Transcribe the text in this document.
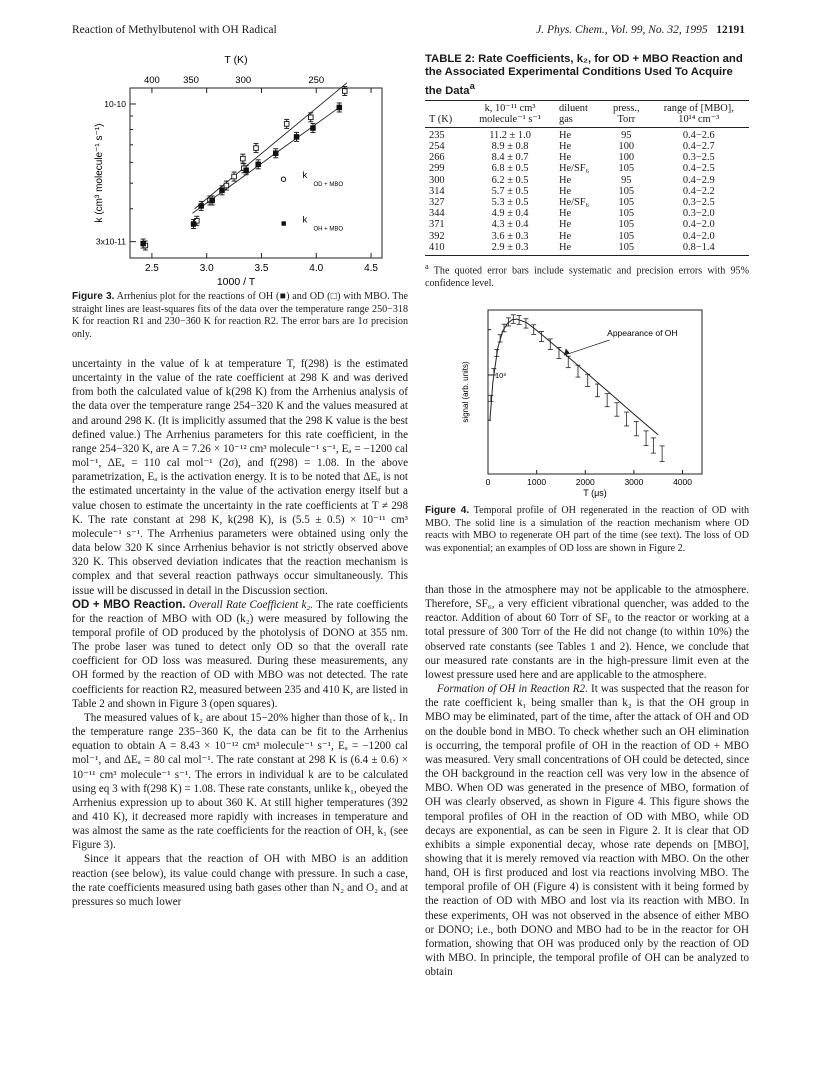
Reaction of Methylbutenol with OH Radical	J. Phys. Chem., Vol. 99, No. 32, 1995 12191
T (K)
1000 / T
k (cm³ molecule⁻¹ s⁻¹)
2.5	3.0	3.5	4.0	4.5
400 350	300	250
10-10
3x10-11
k
OD + MBO
k
OH + MBO
Figure 3. Arrhenius plot for the reactions of OH (■) and OD (□) with MBO. The straight lines are least-squares fits of the data over the temperature range 250−318 K for reaction R1 and 230−360 K for reaction R2. The error bars are 1σ precision only.

uncertainty in the value of k at temperature T, f(298) is the estimated uncertainty in the value of the rate coefficient at 298 K and was derived from both the calculated value of k(298 K) from the Arrhenius analysis of the data over the temperature range 254−320 K and the values measured at and around 298 K. (It is implicitly assumed that the 298 K value is the best defined value.) The Arrhenius parameters for this rate coefficient, in the range 254−320 K, are A = 7.26 × 10⁻¹² cm³ molecule⁻¹ s⁻¹, Eₐ = −1200 cal mol⁻¹, ΔEₐ = 110 cal mol⁻¹ (2σ), and f(298) = 1.08. In the above parametrization, Eₐ is the activation energy. It is to be noted that ΔEₐ is not the estimated uncertainty in the value of the activation energy itself but a value chosen to estimate the uncertainty in the rate coefficients at T ≠ 298 K. The rate constant at 298 K, k(298 K), is (5.5 ± 0.5) × 10⁻¹¹ cm³ molecule⁻¹ s⁻¹. The Arrhenius parameters were obtained using only the data below 320 K since Arrhenius behavior is not strictly observed above 320 K. This observed deviation indicates that the reaction mechanism is complex and that several reaction pathways occur simultaneously. This issue will be discussed in detail in the Discussion section.

OD + MBO Reaction. Overall Rate Coefficient k₂. The rate coefficients for the reaction of MBO with OD (k₂) were measured by following the temporal profile of OD produced by the photolysis of DONO at 355 nm. The probe laser was tuned to detect only OD so that the overall rate coefficient for OD loss was measured. During these measurements, any OH formed by the reaction of OD with MBO was not detected. The rate coefficients for reaction R2, measured between 235 and 410 K, are listed in Table 2 and shown in Figure 3 (open squares).

The measured values of k₂ are about 15−20% higher than those of k₁. In the temperature range 235−360 K, the data can be fit to the Arrhenius equation to obtain A = 8.43 × 10⁻¹² cm³ molecule⁻¹ s⁻¹, Eₐ = −1200 cal mol⁻¹, and ΔEₐ = 80 cal mol⁻¹. The rate constant at 298 K is (6.4 ± 0.6) × 10⁻¹¹ cm³ molecule⁻¹ s⁻¹. The errors in individual k are to be calculated using eq 3 with f(298 K) = 1.08. These rate constants, unlike k₁, obeyed the Arrhenius expression up to about 360 K. At still higher temperatures (392 and 410 K), it decreased more rapidly with increases in temperature and was almost the same as the rate coefficients for the reaction of OH, k₁ (see Figure 3).

Since it appears that the reaction of OH with MBO is an addition reaction (see below), its value could change with pressure. In such a case, the rate coefficients measured using bath gases other than N₂ and O₂ and at pressures so much lower

TABLE 2: Rate Coefficients, k₂, for OD + MBO Reaction and the Associated Experimental Conditions Used To Acquire the Data$^a$
	k, 10⁻¹¹ cm³	diluent	press.,	range of [MBO],
T (K)	molecule⁻¹ s⁻¹	gas	Torr	10¹⁴ cm⁻³
235	11.2 ± 1.0	He	95	0.4−2.6
254	8.9 ± 0.8	He	100	0.4−2.7
266	8.4 ± 0.7	He	100	0.3−2.5
299	6.8 ± 0.5	He/SF₆	105	0.4−2.5
300	6.2 ± 0.5	He	95	0.4−2.9
314	5.7 ± 0.5	He	105	0.4−2.2
327	5.3 ± 0.5	He/SF₆	105	0.3−2.5
344	4.9 ± 0.4	He	105	0.3−2.0
371	4.3 ± 0.4	He	105	0.4−2.0
392	3.6 ± 0.3	He	105	0.4−2.0
410	2.9 ± 0.3	He	105	0.8−1.4
$^a$ The quoted error bars include systematic and precision errors with 95% confidence level.
T (μs)
signal (arb. units)
Appearance of OH
0	1000	2000	3000	4000
10³
Figure 4. Temporal profile of OH regenerated in the reaction of OD with MBO. The solid line is a simulation of the reaction mechanism where OD reacts with MBO to regenerate OH part of the time (see text). The loss of OD was exponential; an examples of OD loss are shown in Figure 2.

than those in the atmosphere may not be applicable to the atmosphere. Therefore, SF₆, a very efficient vibrational quencher, was added to the reactor. Addition of about 60 Torr of SF₆ to the reactor or working at a total pressure of 300 Torr of the He did not change (to within 10%) the observed rate constants (see Tables 1 and 2). Hence, we conclude that our measured rate constants are in the high-pressure limit even at the lowest pressure used here and are applicable to the atmosphere.

Formation of OH in Reaction R2. It was suspected that the reason for the rate coefficient k₁ being smaller than k₂ is that the OH group in MBO may be eliminated, part of the time, after the attack of OH and OD on the double bond in MBO. To check whether such an OH elimination is occurring, the temporal profile of OH in the reaction of OD + MBO was measured. Very small concentrations of OH could be detected, since the OH background in the reaction cell was very low in the absence of MBO. When OD was generated in the presence of MBO, formation of OH was clearly observed, as shown in Figure 4. This figure shows the temporal profiles of OH in the reaction of OD with MBO, while OD decays are exponential, as can be seen in Figure 2. It is clear that OD exhibits a simple exponential decay, whose rate depends on [MBO], showing that it is merely removed via reaction with MBO. On the other hand, OH is first produced and lost via reactions involving MBO. The temporal profile of OH (Figure 4) is consistent with it being formed by the reaction of OD with MBO and lost via its reaction with MBO. In these experiments, OH was not observed in the absence of either MBO or DONO; i.e., both DONO and MBO had to be in the reactor for OH formation, showing that OH was produced only by the reaction of OD with MBO. In principle, the temporal profile of OH can be analyzed to obtain
